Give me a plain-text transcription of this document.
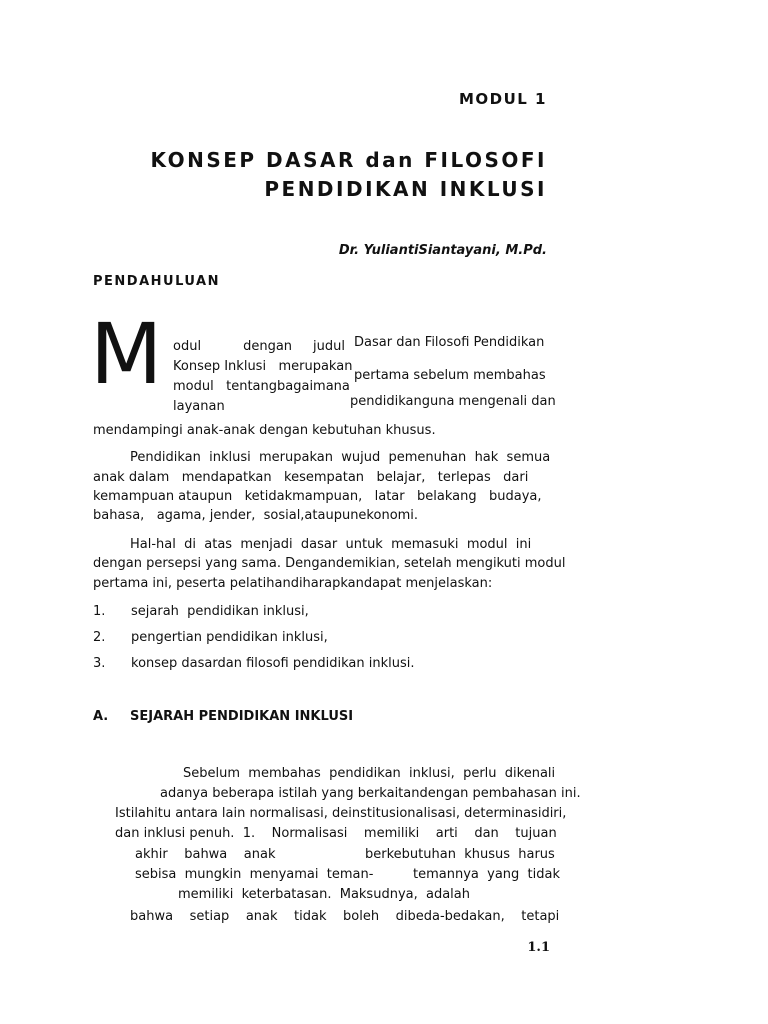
MODUL 1
KONSEP DASAR dan FILOSOFI
PENDIDIKAN INKLUSI
Dr. YuliantiSiantayani, M.Pd.
PENDAHULUAN
M odul        dengan    judul
Konsep Inklusi   merupakan
modul   tentangbagaimana
layanan
Dasar dan Filosofi Pendidikan
pertama sebelum membahas
pendidikanguna mengenali dan
mendampingi anak-anak dengan kebutuhan khusus.
Pendidikan  inklusi  merupakan  wujud  pemenuhan  hak  semua
anak dalam   mendapatkan   kesempatan   belajar,   terlepas   dari
kemampuan ataupun   ketidakmampuan,   latar   belakang   budaya,
bahasa,   agama, jender,  sosial,ataupunekonomi.
Hal-hal  di  atas  menjadi  dasar  untuk  memasuki  modul  ini
dengan persepsi yang sama. Dengandemikian, setelah mengikuti modul
pertama ini, peserta pelatihandiharapkandapat menjelaskan:
1. sejarah  pendidikan inklusi,
2. pengertian pendidikan inklusi,
3. konsep dasardan filosofi pendidikan inklusi.
A. SEJARAH PENDIDIKAN INKLUSI
Sebelum  membahas  pendidikan  inklusi,  perlu  dikenali
adanya beberapa istilah yang berkaitandengan pembahasan ini.
Istilahitu antara lain normalisasi, deinstitusionalisasi, determinasidiri,
dan inklusi penuh.  1.    Normalisasi    memiliki    arti    dan    tujuan
akhir    bahwa    anak	berkebutuhan  khusus  harus
sebisa  mungkin  menyamai  teman-	temannya  yang  tidak
memiliki  keterbatasan.  Maksudnya,  adalah
bahwa    setiap    anak    tidak    boleh    dibeda-bedakan,    tetapi
1.1
